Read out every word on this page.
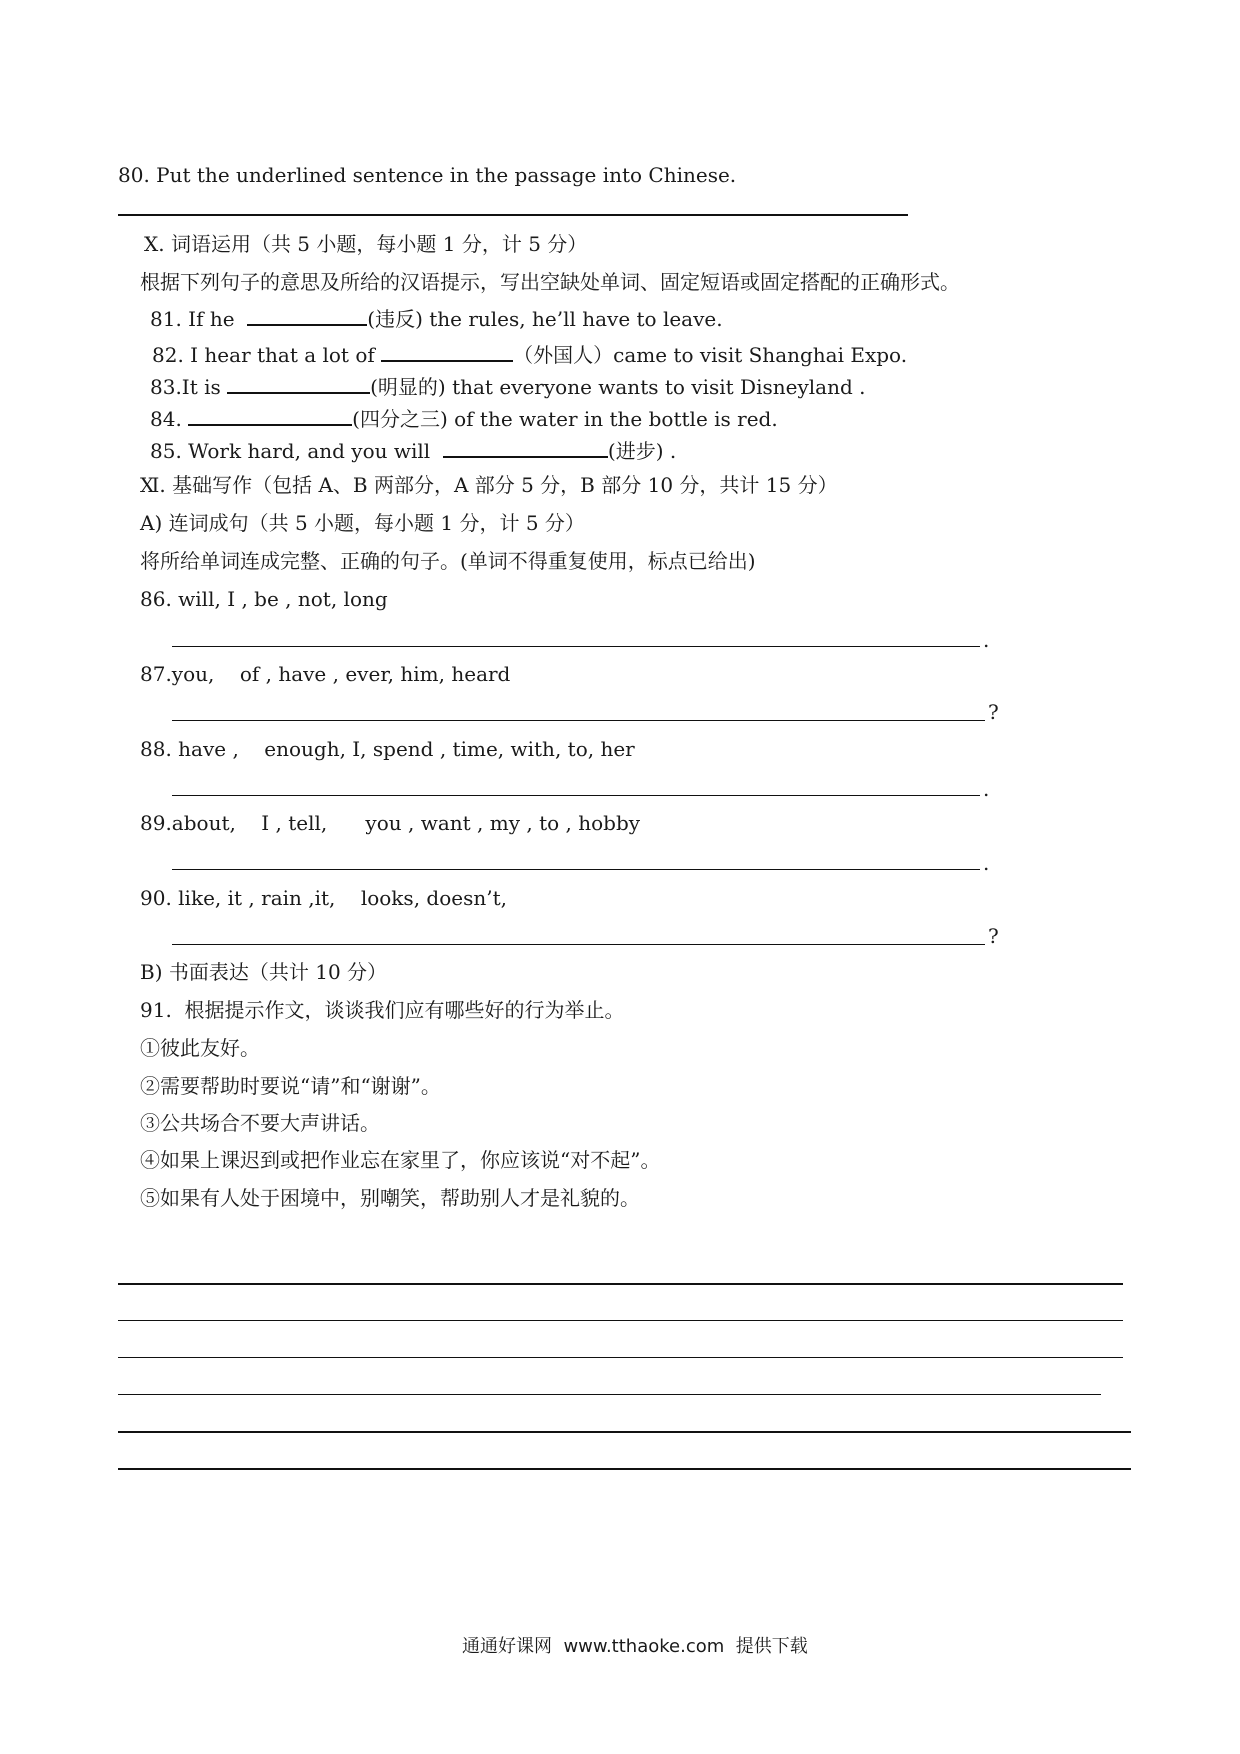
80. Put the underlined sentence in the passage into Chinese.
Ⅹ. 词语运用（共 5 小题，每小题 1 分，计 5 分）
根据下列句子的意思及所给的汉语提示，写出空缺处单词、固定短语或固定搭配的正确形式。
81. If he	(违反) the rules, he’ll have to leave.
82. I hear that a lot of	（外国人）came to visit Shanghai Expo.
83.It is	(明显的) that everyone wants to visit Disneyland .
84.	(四分之三) of the water in the bottle is red.
85. Work hard, and you will	(进步) .
Ⅺ. 基础写作（包括 A、B 两部分，A 部分 5 分，B 部分 10 分，共计 15 分）
A) 连词成句（共 5 小题，每小题 1 分，计 5 分）
将所给单词连成完整、正确的句子。(单词不得重复使用，标点已给出)
86. will, I , be , not, long
.
87.you,    of , have , ever, him, heard
?
88. have ,    enough, I, spend , time, with, to, her
.
89.about,    I , tell,      you , want , my , to , hobby
.
90. like, it , rain ,it,    looks, doesn’t,
?
B) 书面表达（共计 10 分）
91.  根据提示作文，谈谈我们应有哪些好的行为举止。
①彼此友好。
②需要帮助时要说“请”和“谢谢”。
③公共场合不要大声讲话。
④如果上课迟到或把作业忘在家里了，你应该说“对不起”。
⑤如果有人处于困境中，别嘲笑，帮助别人才是礼貌的。
通通好课网  www.tthaoke.com  提供下载
